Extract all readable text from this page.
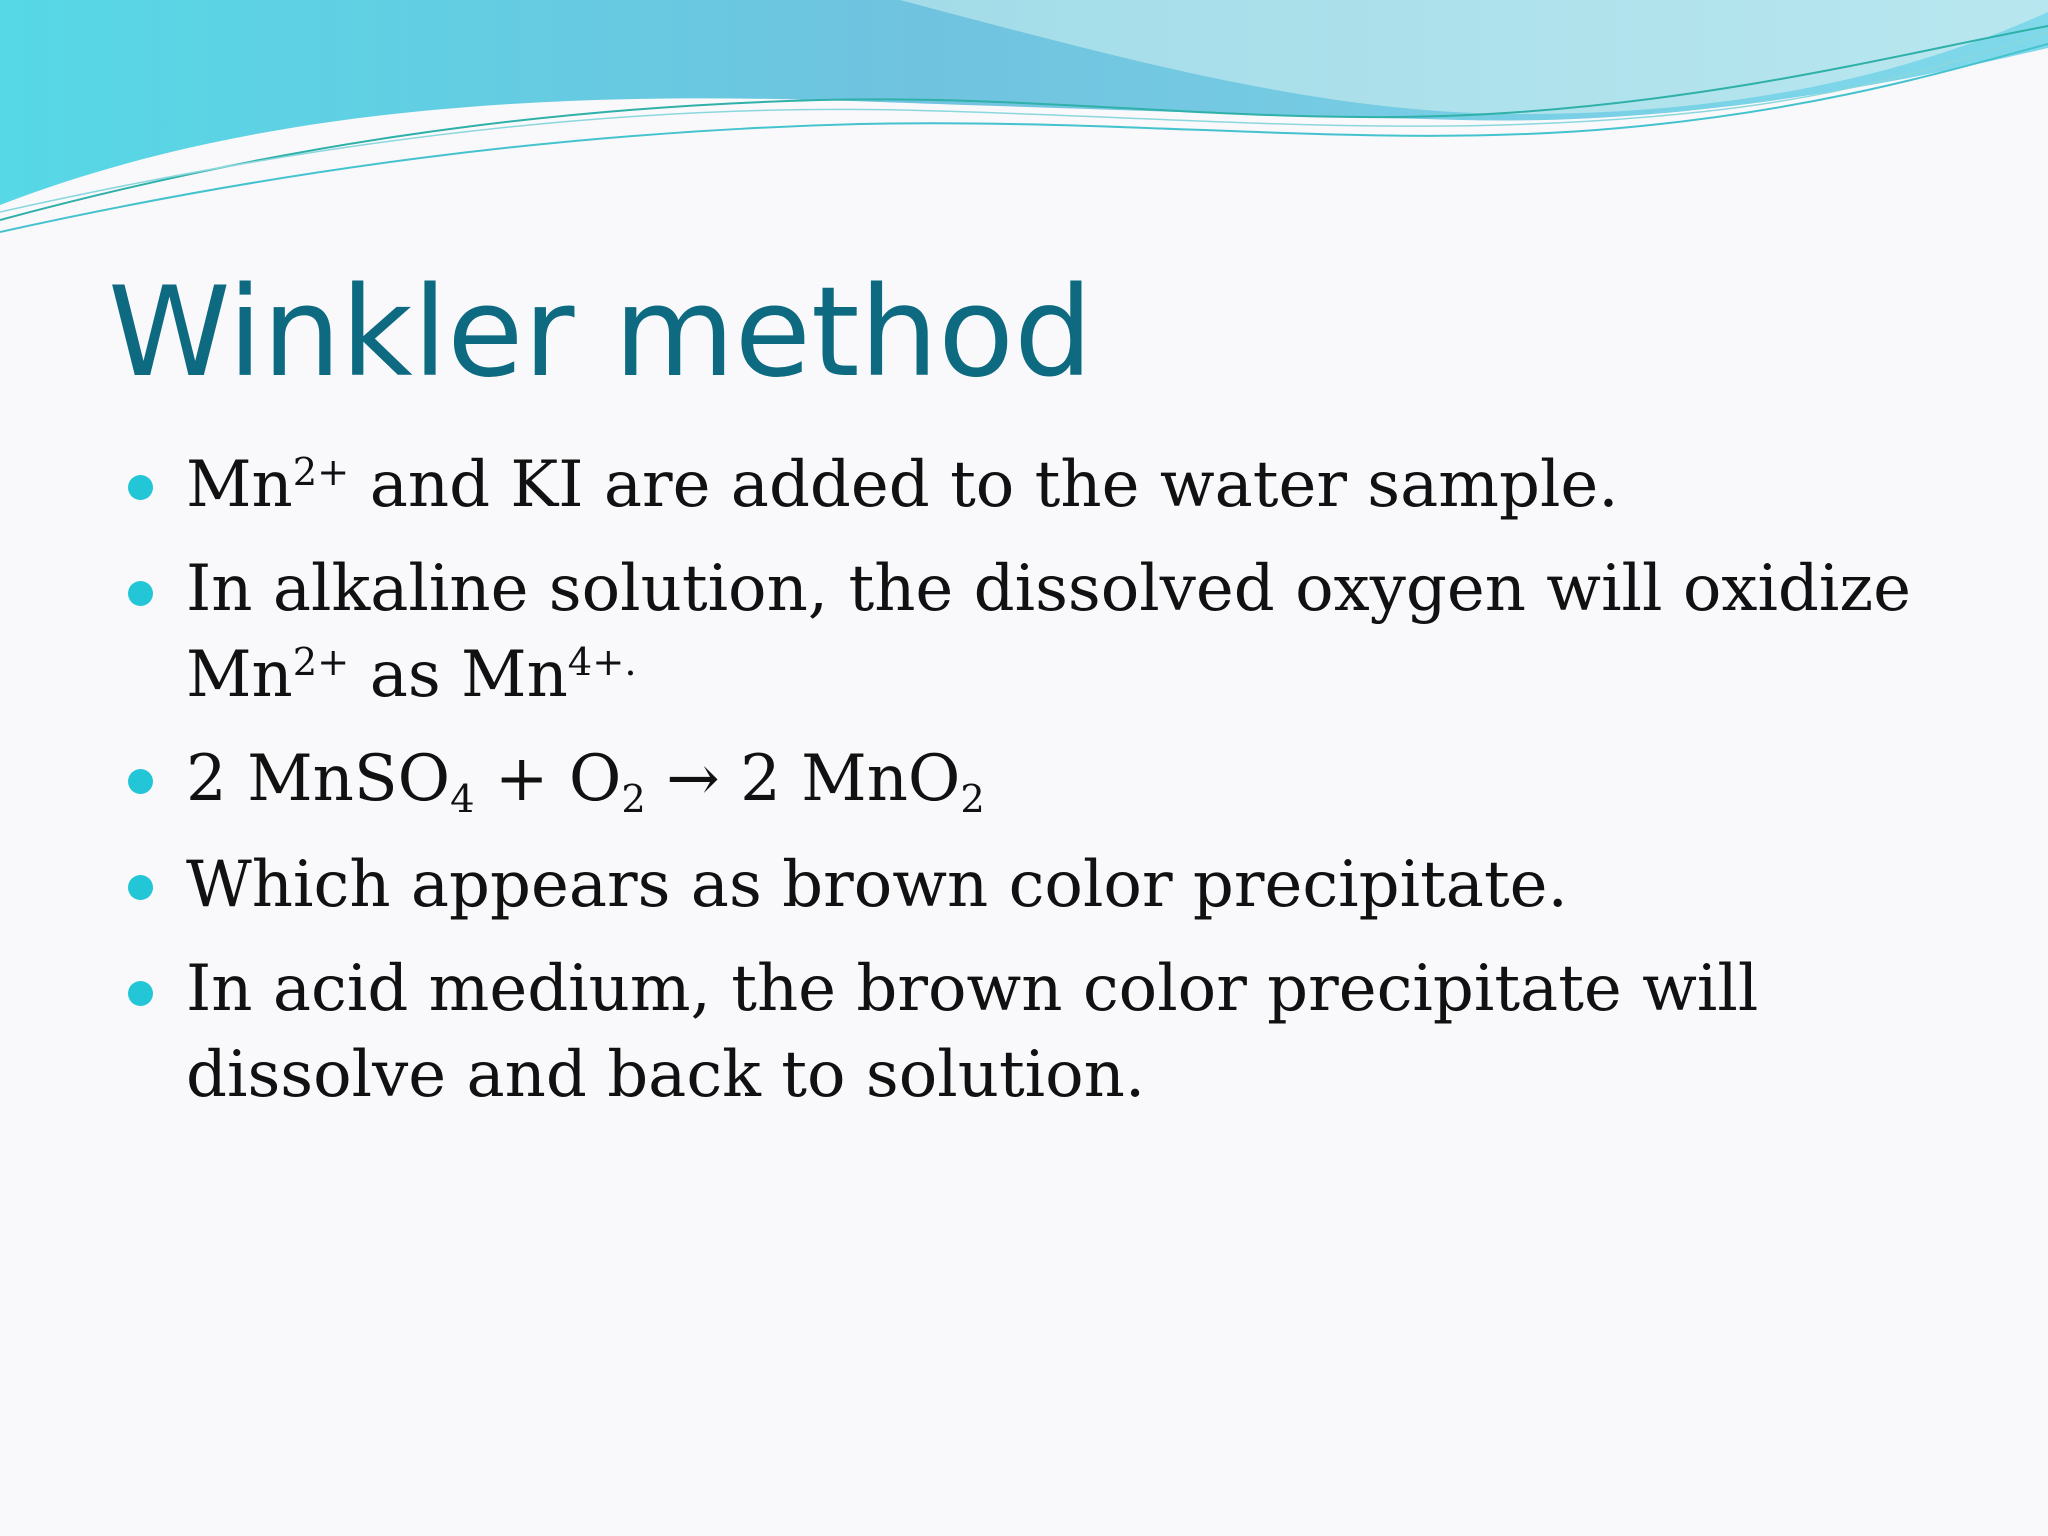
Winkler method
$Mn^{2+}$ and KI are added to the water sample.
In alkaline solution, the dissolved oxygen will oxidize
$Mn^{2+}$ as $Mn^{4+.}$
2 MnSO$_4$ + $O_2 \to 2$ MnO$_2$
Which appears as brown color precipitate.
In acid medium, the brown color precipitate will
dissolve and back to solution.
